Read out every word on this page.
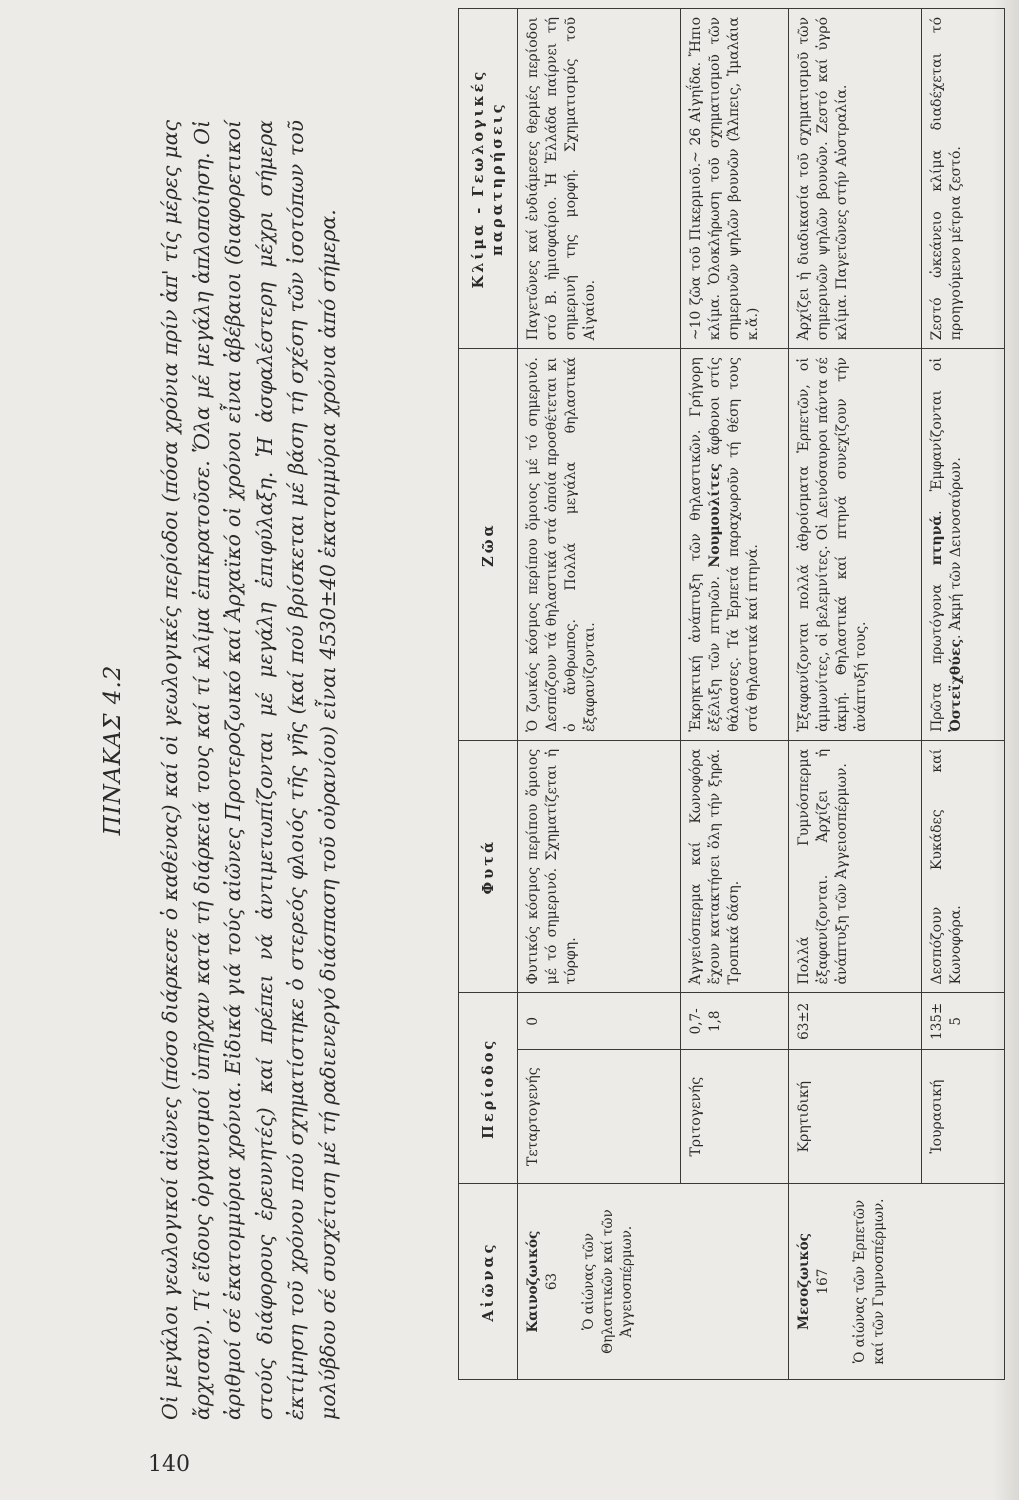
140
ΠΙΝΑΚΑΣ 4.2 Οἱ μεγάλοι γεωλογικοί αἰῶνες (πόσο διάρκεσε ὁ καθένας) καί οἱ γεωλογικές περίοδοι (πόσα χρόνια πρίν ἀπ' τίς μέρες μας ἄρχισαν). Τί εἴδους ὀργανισμοί ὑπῆρχαν κατά τή διάρκειά τους καί τί κλίμα ἐπικρατοῦσε. Ὅλα μέ μεγάλη ἁπλοποίηση. Οἱ ἀριθμοί σέ ἑκατομμύρια χρόνια. Εἰδικά γιά τούς αἰῶνες Προτεροζωικό καί Ἀρχαϊκό οἱ χρόνοι εἶναι ἀβέβαιοι (διαφορετικοί στούς διάφορους ἐρευνητές) καί πρέπει νά ἀντιμετωπίζονται μέ μεγάλη ἐπιφύλαξη. Ἡ ἀσφαλέστερη μέχρι σήμερα ἐκτίμηση τοῦ χρόνου πού σχηματίστηκε ὁ στερεός φλοιός τῆς γῆς (καί πού βρίσκεται μέ βάση τή σχέση τῶν ἰσοτόπων τοῦ μολύβδου σέ συσχέτιση μέ τή ραδιενεργό διάσπαση τοῦ οὐρανίου) εἶναι 4530±40 ἑκατομμύρια χρόνια ἀπό σήμερα.	Αἰῶνας	Περίοδος		Φυτά	Ζῶα	Κλίμα - Γεωλογικές παρατηρήσεις

Καινοζωικός 63 Ὁ αἰώνας τῶν Θηλαστικῶν καί τῶν Ἀγγειοσπέρμων.	Τεταρτογενής	0	Φυτικός κόσμος περίπου ὅμοιος μέ τό σημερινό. Σχηματίζεται ἡ τύρφη.	Ὁ ζωικός κόσμος περίπου ὅμοιος μέ τό σημερινό. Δεσπόζουν τά θηλαστικά στά ὁποία προσθέτεται κι ὁ ἄνθρωπος. Πολλά μεγάλα θηλαστικά ἐξαφανίζονται.	Παγετῶνες καί ἐνδιάμεσες θερμές περίοδοι στό Β. ἡμισφαίριο. Ἡ Ἑλλάδα παίρνει τή σημερινή της μορφή. Σχηματισμός τοῦ Αἰγαίου.
	Τριτογενής	0,7-1,8	Ἀγγειόσπερμα καί Κωνοφόρα ἔχουν κατακτήσει ὅλη τήν ξηρά. Τροπικά δάση.	Ἐκρηκτική ἀνάπτυξη τῶν θηλαστικῶν. Γρήγορη ἐξέλιξη τῶν πτηνῶν. Νουμουλίτες ἄφθονοι στίς θάλασσες. Τά Ἑρπετά παραχωροῦν τή θέση τους στά θηλαστικά καί πτηνά.	~10 ζῶα τοῦ Πικερμιοῦ.~ 26 Αἰγηΐδα. Ἤπιο κλίμα. Ὁλοκλήρωση τοῦ σχηματισμοῦ τῶν σημερινῶν ψηλῶν βουνῶν (Ἄλπεις, Ἱμαλάια κ.ἄ.)

Μεσοζωικός 167 Ὁ αἰώνας τῶν Ἑρπετῶν καί τῶν Γυμνοσπέρμων.	Κρητιδική	63±2	Πολλά Γυμνόσπερμα ἐξαφανίζονται. Ἀρχίζει ἡ ἀνάπτυξη τῶν Ἀγγειοσπέρμων.	Ἐξαφανίζονται πολλά ἀθροίσματα Ἑρπετῶν, οἱ ἀμμωνίτες, οἱ βελεμνίτες. Οἱ Δεινόσαυροι πάντα σέ ἀκμή. Θηλαστικά καί πτηνά συνεχίζουν τήν ἀνάπτυξή τους.	Ἀρχίζει ἡ διαδικασία τοῦ σχηματισμοῦ τῶν σημερινῶν ψηλῶν βουνῶν. Ζεστό καί ὑγρό κλίμα. Παγετῶνες στήν Αὐστραλία.
	Ἰουρασική	135± 5	Δεσπόζουν Κυκάδες καί Κωνοφόρα.	Πρῶτα πρωτόγονα πτηνά. Ἐμφανίζονται οἱ Ὀστεϊχθύες. Ἀκμή τῶν Δεινοσαύρων.	Ζεστό ὠκεάνειο κλίμα διαδέχεται τό προηγούμενο μέτρια ζεστό.
